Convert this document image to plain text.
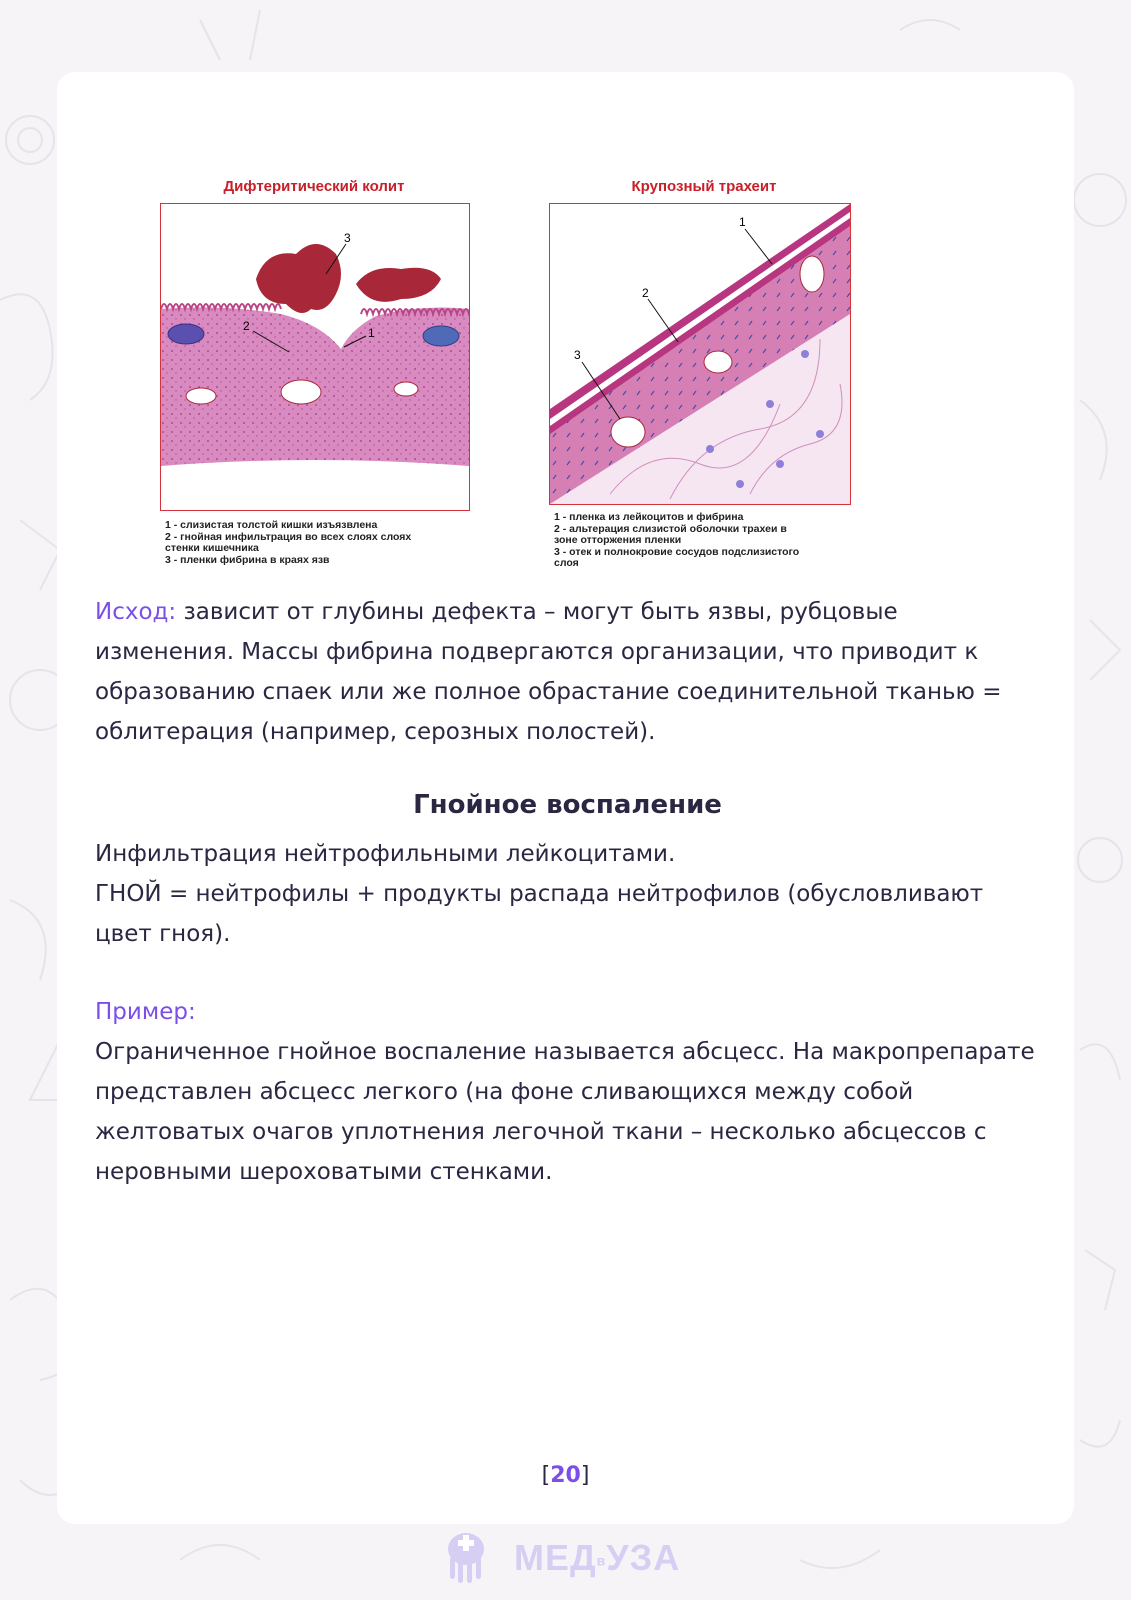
Дифтеритический колит	Крупозный трахеит
3
1
2
1
2
3
1 - слизистая толстой кишки изъязвлена
2 - гнойная инфильтрация во всех слоях слоях
стенки кишечника
3 - пленки фибрина в краях язв
1 - пленка из лейкоцитов и фибрина
2 - альтерация слизистой оболочки трахеи в
зоне отторжения пленки
3 - отек и полнокровие сосудов подслизистого
слоя

Исход: зависит от глубины дефекта – могут быть язвы, рубцовые изменения. Массы фибрина подвергаются организации, что приводит к образованию спаек или же полное обрастание соединительной тканью = облитерация (например, серозных полостей).

Гнойное воспаление

Инфильтрация нейтрофильными лейкоцитами.
ГНОЙ = нейтрофилы + продукты распада нейтрофилов (обусловливают цвет гноя).

Пример:
Ограниченное гнойное воспаление называется абсцесс. На макропрепарате представлен абсцесс легкого (на фоне сливающихся между собой желтоватых очагов уплотнения легочной ткани – несколько абсцессов с неровными шероховатыми стенками.

[20]
МЕДвУЗА
